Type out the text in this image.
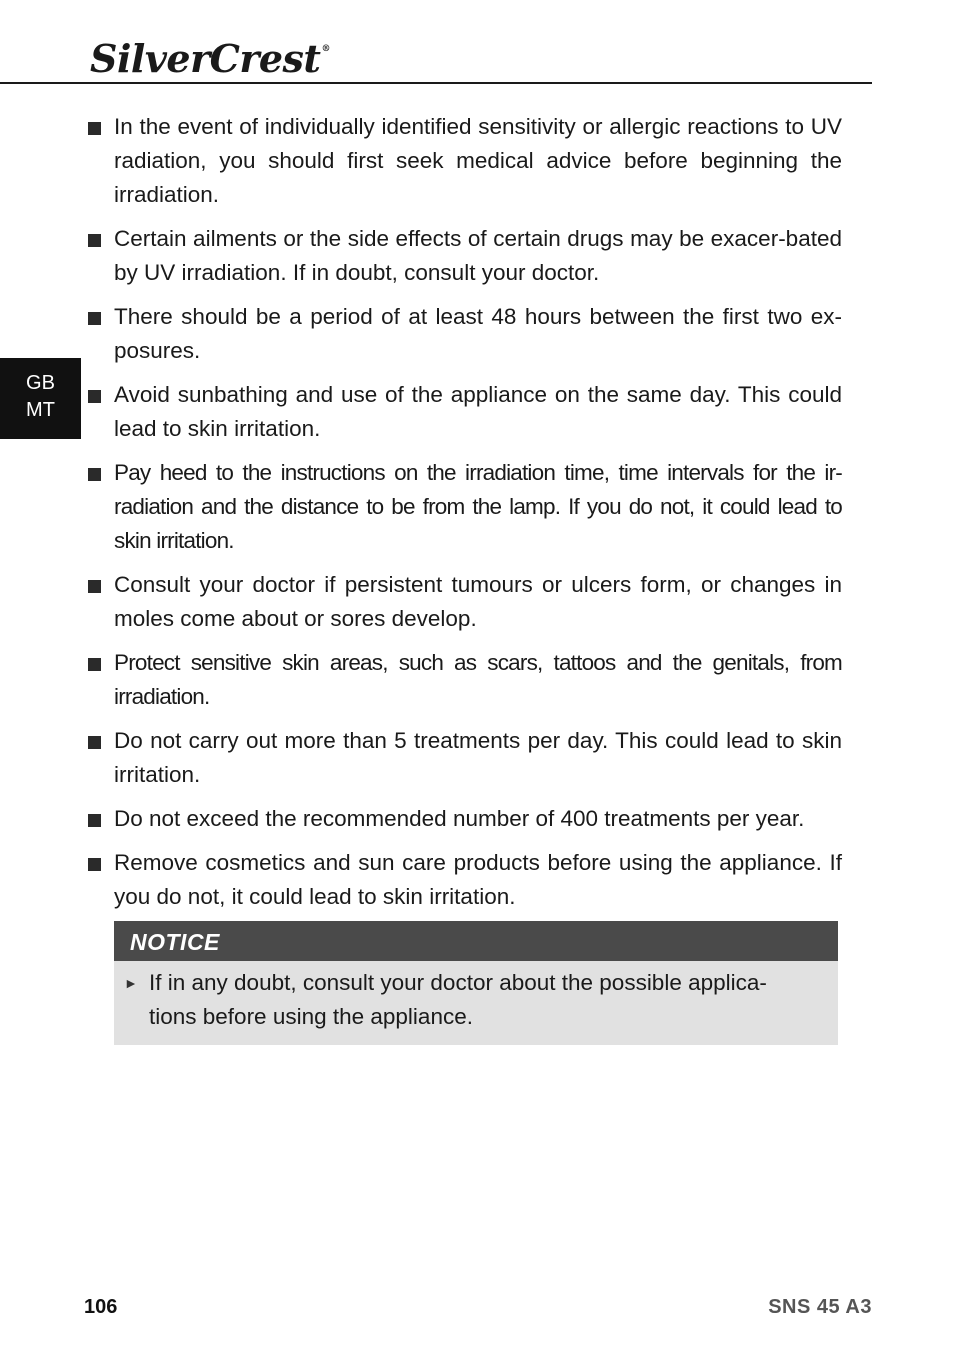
SilverCrest®
GB
MT
In the event of individually identified sensitivity or allergic reactions to UV radiation, you should first seek medical advice before beginning the irradiation.
Certain ailments or the side effects of certain drugs may be exacer-bated by UV irradiation. If in doubt, consult your doctor.
There should be a period of at least 48 hours between the first two ex-posures.
Avoid sunbathing and use of the appliance on the same day. This could lead to skin irritation.
Pay heed to the instructions on the irradiation time, time intervals for the ir-radiation and the distance to be from the lamp. If you do not, it could lead to skin irritation.
Consult your doctor if persistent tumours or ulcers form, or changes in moles come about or sores develop.
Protect sensitive skin areas, such as scars, tattoos and the genitals, from irradiation.
Do not carry out more than 5 treatments per day. This could lead to skin irritation.
Do not exceed the recommended number of 400 treatments per year.
Remove cosmetics and sun care products before using the appliance. If you do not, it could lead to skin irritation.
NOTICE
► If in any doubt, consult your doctor about the possible applica-tions before using the appliance.
106	SNS 45 A3
